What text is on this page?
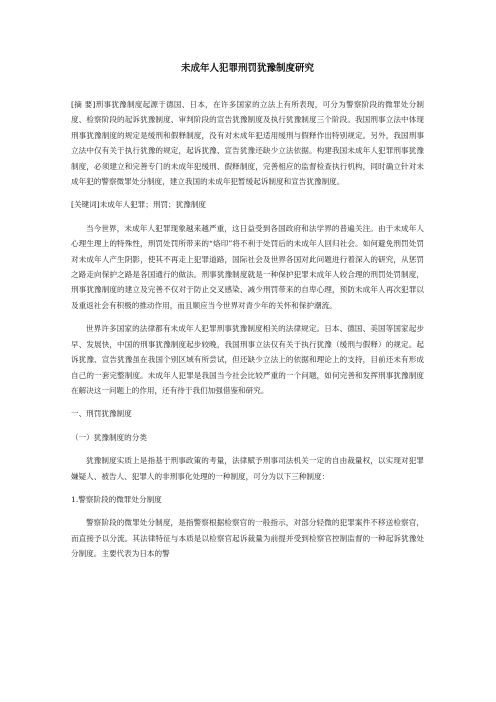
未成年人犯罪刑罚犹豫制度研究

[摘 要]刑事犹豫制度起源于德国、日本，在许多国家的立法上有所表现，可分为警察阶段的微罪处分制度、检察阶段的起诉犹豫制度、审判阶段的宣告犹豫制度及执行犹豫制度三个阶段。我国刑事立法中体现刑事犹豫制度的规定是缓刑和假释制度，没有对未成年犯适用缓刑与假释作出特别规定。另外，我国刑事立法中仅有关于执行犹豫的规定，起诉犹豫、宣告犹豫还缺少立法依据。构建我国未成年人犯罪刑事犹豫制度，必须建立和完善专门的未成年犯缓刑、假释制度，完善相应的监督检查执行机构，同时确立针对未成年犯的警察微罪处分制度，建立我国的未成年犯暂缓起诉制度和宣告犹豫制度。

[关键词]未成年人犯罪；刑罚；犹豫制度

当今世界，未成年人犯罪现象越来越严重，这日益受到各国政府和法学界的普遍关注。由于未成年人心理生理上的特殊性，刑罚处罚所带来的“烙印”将不利于处罚后的未成年人回归社会。如何避免刑罚处罚对未成年人产生阴影，使其不再走上犯罪道路，国际社会及世界各国对此问题进行着深入的研究，从惩罚之路走向保护之路是各国通行的做法。刑事犹豫制度就是一种保护犯罪未成年人较合理的刑罚处罚制度，刑事犹豫制度的建立及完善不仅对于防止交叉感染、减少刑罚带来的自卑心理，预防未成年人再次犯罪以及重返社会有积极的推动作用，而且顺应当今世界对青少年的关怀和保护潮流。

世界许多国家的法律都有未成年人犯罪刑事犹豫制度相关的法律规定。日本、德国、美国等国家起步早、发展快，中国的刑事犹豫制度起步较晚，我国刑事立法仅有关于执行犹豫（缓刑与假释）的规定。起诉犹豫、宣告犹豫虽在我国个别区域有所尝试，但还缺少立法上的依据和理论上的支持，目前还未有形成自己的一套完整制度。未成年人犯罪是我国当今社会比较严重的一个问题，如何完善和发挥刑事犹豫制度在解决这一问题上的作用，还有待于我们加强借鉴和研究。

一、刑罚犹豫制度

（一）犹豫制度的分类

犹豫制度实质上是指基于刑事政策的考量，法律赋予刑事司法机关一定的自由裁量权，以实现对犯罪嫌疑人、被告人、犯罪人的非刑事化处理的一种制度，可分为以下三种制度：

1.警察阶段的微罪处分制度

警察阶段的微罪处分制度，是指警察根据检察官的一般指示，对部分轻微的犯罪案件不移送检察官，而直接予以分流。其法律特征与本质是以检察官起诉裁量为前提并受到检察官控制监督的一种起诉犹豫处分制度。主要代表为日本的警
